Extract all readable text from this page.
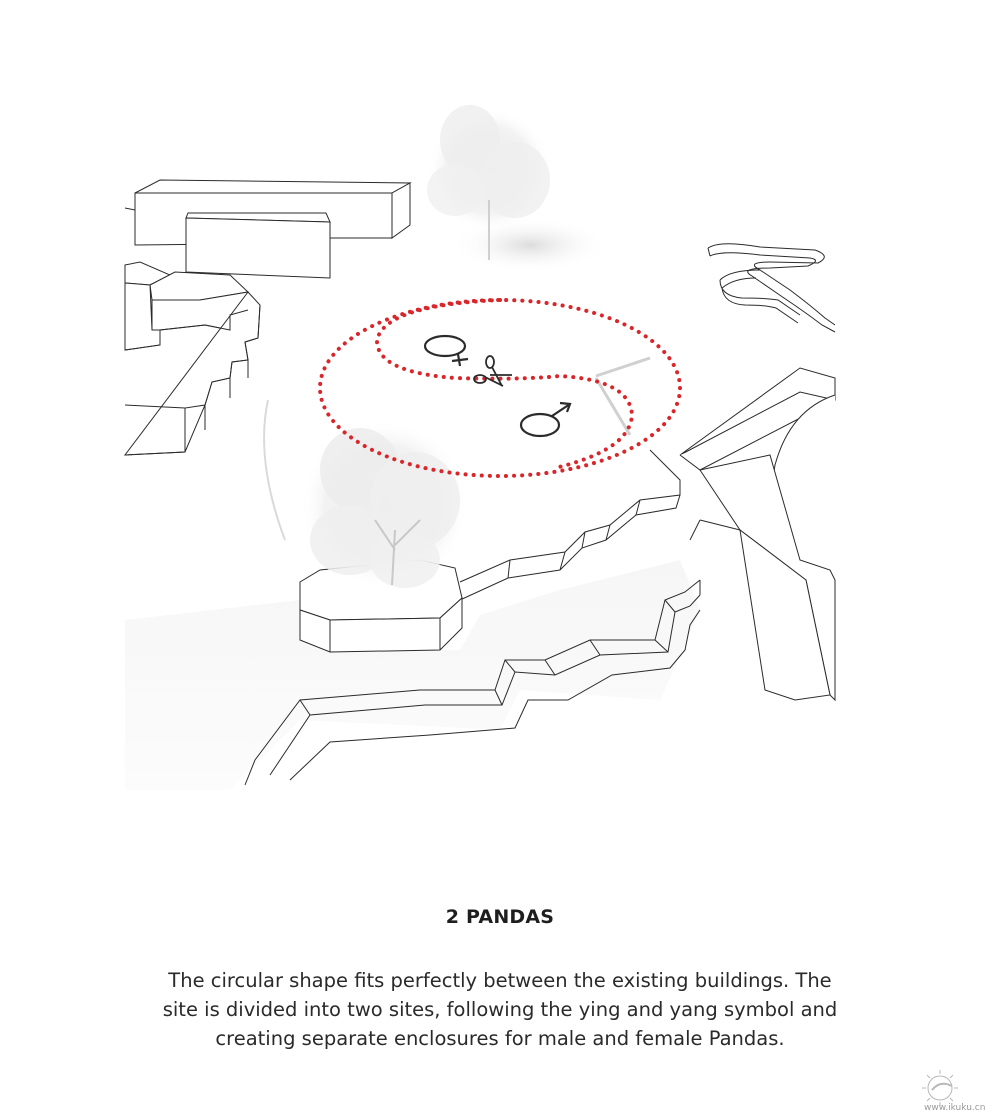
2 PANDAS

The circular shape fits perfectly between the existing buildings. The
site is divided into two sites, following the ying and yang symbol and
creating separate enclosures for male and female Pandas.

www.ikuku.cn
